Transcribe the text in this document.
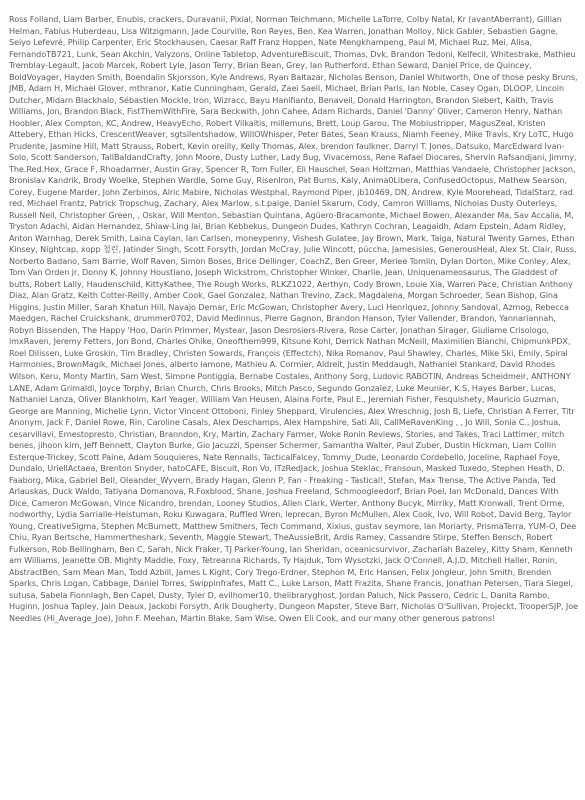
Ross Folland, Liam Barber, Enubis, crackers, Duravanii, Pixial, Norman Teichmann, Michelle LaTorre, Colby Natal, Kr (avantAberrant), Gillian Helman, Fabius Huberdeau, Lisa Witzigmann, Jade Courville, Ron Reyes, Ben, Kea Warren, Jonathan Molloy, Nick Gabler, Sebastien Gagne, Seiyo Lefevré, Philip Carpenter, Eric Stockhausen, Caesar Raff Franz Hoppen, Nate Mengkhampeng, Paul M, Michael Ruz, Mei, Alisa, FernandoTB721, Lunk, Sean Akchin, Valyzons, Online Tabletop, AdventureBiscuit, Thomas, Dvk, Brandon Tedoni, Kelfecil, Whitestrake, Mathieu Tremblay-Legault, Jacob Marcek, Robert Lyle, Jason Terry, Brian Bean, Grey, Ian Rutherford, Ethan Seward, Daniel Price, de Quincey, BoldVoyager, Hayden Smith, Boendalin Skjorsson, Kyle Andrews, Ryan Baltazar, Nicholas Benson, Daniel Whitworth, One of those pesky Bruns, JMB, Adam H, Michael Glover, mthranor, Katie Cunningham, Gerald, Zaei Saeli, Michael, Brian Paris, Ian Noble, Casey Ogan, DLOOP, Lincoln Dutcher, Midarn Blackhalo, Sébastien Mockle, Iron, Wizracc, Bayu Hanifianto, Benaveil, Donald Harrington, Brandon Siebert, Kaith, Travis Williams, Jon, Brandon Black, FistThemWithFire, Sara Beckwith, John Cahee, Adam Richards, Daniel 'Danny' Oliver, Cameron Henry, Nathan Hoobler, Alex Compton, KC, Andrew, HeavyEcho, Robert Vilkaitis, millemuns, Brett, Loup Garou, The Mobiustripper, MagusZeal, Kristen Attebery, Ethan Hicks, CrescentWeaver, sgtsilentshadow, WillOWhisper, Peter Bates, Sean Krauss, Niamh Feeney, Mike Travis, Kry LoTC, Hugo Prudente, Jasmine Hill, Matt Strauss, Robert, Kevin oreilly, Kelly Thomas, Alex, brendon faulkner, Darryl T. Jones, Datsuko, MarcEdward Ivan-Solo, Scott Sanderson, TallBaldandCrafty, John Moore, Dusty Luther, Lady Bug, Vivacemoss, Rene Rafael Diocares, Shervin Rafsandjani, Jimmy, The.Red.Hex, Grace F, Rhoadarmer, Austin Gray, Spencer R, Tom Fuller, Eli Hauschel, Sean Holtzman, Matthias Vandaele, Christopher Jackson, Bronislav Kandrik, Brody Woelke, Stephen Wardle, Some Guy, RisenIron, Pat Burns, Kaly, Anima0Libera, ConfusedOctopus, Mathew Searson, Corey, Eugene Marder, John Zerbinos, Alric Mabire, Nicholas Westphal, Raymond Piper, jb10469, DN, Andrew, Kyle Moorehead, TidalStarz, rad red, Michael Frantz, Patrick Tropschug, Zachary, Alex Marlow, s.t.paige, Daniel Skarum, Cody, Camron Williams, Nicholas Dusty Outerleys, Russell Neil, Christopher Green, , Oskar, Will Menton, Sebastian Quintana, Agüero-Bracamonte, Michael Bowen, Alexander Ma, Sav Accalia, M, Tryston Adachi, Aidan Hernandez, Shiaw-Ling lai, Brian Kebbekus, Dungeon Dudes, Kathryn Cochran, Leagaidh, Adam Epstein, Adam Ridley, Anton Warnhag, Derek Smith, Laina Caylan, Ian Carlsen, moneypenny, Vishesh Gulatee, Jay Brown, Mark, Taiga, Natural Twenty Games, Ethan Kinsey, Nightcap, ẋopp 철린, Jatinder Singh, Scott Forsyth, Jordan McCray, Julie Wincott, púccha, Jamesisies, GenerousHeal, Alex St. Clair, Russ, Norberto Badano, Sam Barrie, Wolf Raven, Simon Boses, Brice Dellinger, CoachZ, Ben Greer, Meriee Tomlin, Dylan Dorton, Mike Conley, Alex, Tom Van Orden jr, Donny K, Johnny Houstiano, Joseph Wickstrom, Christopher Winker, Charlie, Jean, Uniquenameosaurus, The Gladdest of butts, Robert Lally, Haudenschild, KittyKathee, The Rough Works, RLKZ1022, Aerthyn, Cody Brown, Louie Xia, Warren Pace, Christian Anthony Diaz, Alan Gratz, Keith Cotter-Reilly, Amber Cook, Gael Gonzalez, Nathan Trevino, Zack, Magdalena, Morgan Schroeder, Sean Bishop, Gina Higgins, Justin Miller, Sarah Khatun Hill, Navajo Demar, Eric McGowan, Christopher Avery, Luci Henriquez, Johnny Sandoval, Azmog, Rebecca Maedgen, Rachel Cruickshank, drummer0702, David Medinnus, Pierre Gagnon, Brandon Hanson, Tyler Vallender, Brandon, Yannariannah, Robyn Bissenden, The Happy 'Hoo, Darin Primmer, Mystear, Jason Desrosiers-Rivera, Rose Carter, Jonathan Sirager, Giuliame Crisologo, imxRaven, Jeremy Fetters, Jon Bond, Charles Ohike, Oneofthem999, Kitsune Kohl, Derrick Nathan McNeill, Maximilien Bianchi, ChipmunkPDX, Roel Dilissen, Luke Groskin, Tim Bradley, Christen Sowards, François (Effectch), Nika Romanov, Paul Shawley, Charles, Mike Ski, Emily, Spiral Harmonies, BrownMagik, Michael Jones, alberto iamone, Mathieu A. Cormier, Aldreit, Justin Meddaugh, Nathaniel Stankard, David Rhodes Wilson, Keru, Monty Martin, Sam West, Simone Pontiggia, Bernabe Costales, Anthony Sorg, Ludovic RABOTIN, Andreas Scheidmeir, ANTHONY LANE, Adam Grimaldi, Joyce Torphy, Brian Church, Chris Brooks, Mitch Pasco, Segundo Gonzalez, Luke Meunier, K.S, Hayes Barber, Lucas, Nathaniel Lanza, Oliver Blankholm, Karl Yeager, William Van Heusen, Alaina Forte, Paul E., Jeremiah Fisher, Fesquishety, Mauricio Guzman, George are Manning, Michelle Lynn, Victor Vincent Ottoboni, Finley Sheppard, Virulencies, Alex Wreschnig, Josh B, Liefe, Christian A Ferrer, Titr Anonym, Jack F, Daniel Rowe, Rin, Caroline Casals, Alex Deschamps, Alex Hampshire, Sati Ali, CallMeRavenKing , , Jo Will, Sonia C., Joshua, cesarvillavi, Ernestopresto, Christian, Branndon, Kry, Martin, Zachary Farmer, Woke Ronin Reviews, Stories, and Takes, Traci Lattimer, mitch benes, jihoon kim, Jeff Bennett, Clayton Burke, Gio Jacuzzi, Spenser Schermer, Samantha Walter, Paul Zuber, Dustin Hickman, Liam Collin Esterque-Trickey, Scott Paine, Adam Souquieres, Nate Rennalls, TacticalFalcey, Tommy_Dude, Leonardo Cordebello, Joceline, Raphael Foye, Dundalo, UriellActaea, Brenton Snyder, hatoCAFE, Biscuit, Ron Vo, iTzRedJack, Joshua Steklac, Fransoun, Masked Tuxedo, Stephen Heath, D. Faaborg, Mika, Gabriel Bell, Oleander_Wyvern, Brady Hagan, Glenn P, Fan - Freaking - Tastical!, Stefan, Max Trense, The Active Panda, Ted Arlauskas, Duck Waldo, Tatiyana Domanova, R.Foxblood, Shane, Joshua Freeland, Schmoogleedorf, Brian Poel, Ian McDonald, Dances With Dice, Cameron McGowan, Vince Nicandro, brendan, Looney Studios, Allen Clark, Werter, Anthony Bucyk, Mirriky, Matt Kronwall, Trent Orme, nodworthy, Lydia Sarrialle-Heistuman, Roku Kuwagara, Ruffled Wren, leprecan, Byron McMullen, Alex Cook, Ivo, Will Robot, David Berg, Taylor Young, CreativeSigma, Stephen McBurnett, Matthew Smithers, Tech Command, Xixius, gustav seymore, Ian Moriarty, PrismaTerra, YUM-O, Dee Chiu, Ryan Bertsche, Hammertheshark, Seventh, Maggie Stewart, TheAussieBrit, Ardis Ramey, Cassandre Stirpe, Steffen Bensch, Robert Fulkerson, Rob Bellingham, Ben C, Sarah, Nick Fraker, TJ Parker-Young, Ian Sheridan, oceanicsurvivor, Zachariah Bazeley, Kitty Sham, Kenneth am Williams, Jeanette OB, Mighty Maddie, Foxy, Tetreanna Richards, Ty Hajduk, Tom Wysotzki, Jack O'Connell, A.J.D, Mitchell Haller, Ronin, AbstractBen, Sam Mean Man, Todd Azbill, James L Kight, Cory Trego-Erdner, Stephon M, Eric Hansen, Felix Jongleur, John Smith, Brenden Sparks, Chris Logan, Cabbage, Daniel Torres, Swippinfrafes, Matt C., Luke Larson, Matt Frazita, Shane Francis, Jonathan Petersen, Tiara Siegel, sutusa, Sabela Fionnlagh, Ben Capel, Dusty, Tyler D, evilhomer10, thelibraryghost, Jordan Paluch, Nick Passero, Cedric L, Danita Rambo, Huginn, Joshua Tapley, Jain Deaux, Jackobi Forsyth, Arik Dougherty, Dungeon Mapster, Steve Barr, Nicholas O'Sullivan, Projeckt, TrooperSJP, Joe Needles (Hi_Average_Joe), John F. Meehan, Martin Blake, Sam Wise, Owen Eli Cook, and our many other generous patrons!
